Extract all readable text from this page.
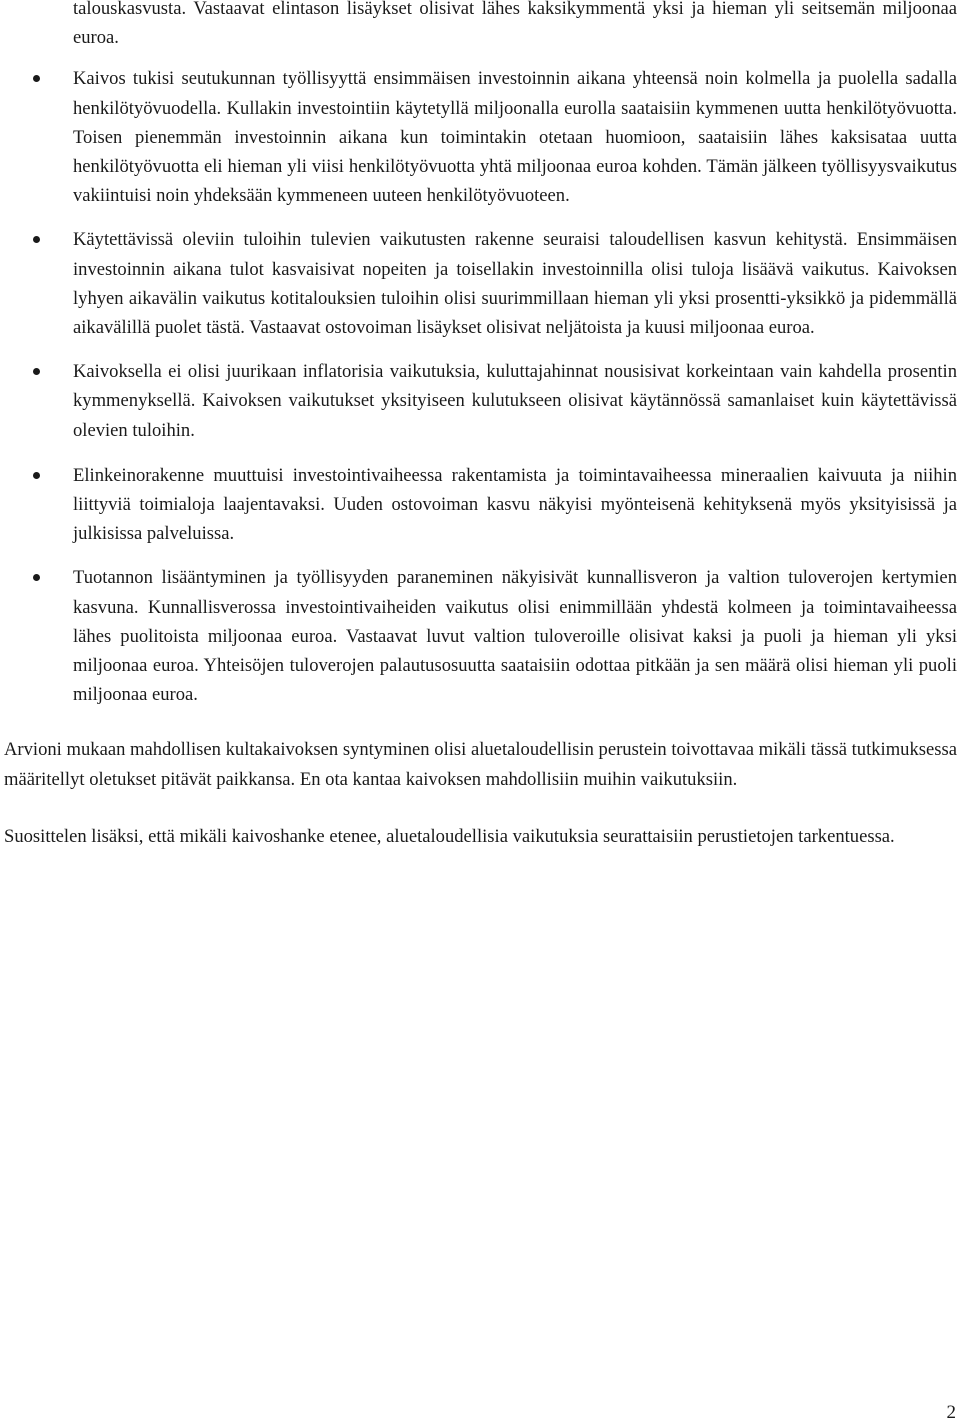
talouskasvusta. Vastaavat elintason lisäykset olisivat lähes kaksikymmentä yksi ja hieman yli seitsemän miljoonaa euroa.

Kaivos tukisi seutukunnan työllisyyttä ensimmäisen investoinnin aikana yhteensä noin kolmella ja puolella sadalla henkilötyövuodella. Kullakin investointiin käytetyllä miljoonalla eurolla saataisiin kymmenen uutta henkilötyövuotta. Toisen pienemmän investoinnin aikana kun toimintakin otetaan huomioon, saataisiin lähes kaksisataa uutta henkilötyövuotta eli hieman yli viisi henkilötyövuotta yhtä miljoonaa euroa kohden. Tämän jälkeen työllisyysvaikutus vakiintuisi noin yhdeksään kymmeneen uuteen henkilötyövuoteen.
Käytettävissä oleviin tuloihin tulevien vaikutusten rakenne seuraisi taloudellisen kasvun kehitystä. Ensimmäisen investoinnin aikana tulot kasvaisivat nopeiten ja toisellakin investoinnilla olisi tuloja lisäävä vaikutus. Kaivoksen lyhyen aikavälin vaikutus kotitalouksien tuloihin olisi suurimmillaan hieman yli yksi prosentti-yksikkö ja pidemmällä aikavälillä puolet tästä. Vastaavat ostovoiman lisäykset olisivat neljätoista ja kuusi miljoonaa euroa.
Kaivoksella ei olisi juurikaan inflatorisia vaikutuksia, kuluttajahinnat nousisivat korkeintaan vain kahdella prosentin kymmenyksellä. Kaivoksen vaikutukset yksityiseen kulutukseen olisivat käytännössä samanlaiset kuin käytettävissä olevien tuloihin.
Elinkeinorakenne muuttuisi investointivaiheessa rakentamista ja toimintavaiheessa mineraalien kaivuuta ja niihin liittyviä toimialoja laajentavaksi. Uuden ostovoiman kasvu näkyisi myönteisenä kehityksenä myös yksityisissä ja julkisissa palveluissa.
Tuotannon lisääntyminen ja työllisyyden paraneminen näkyisivät kunnallisveron ja valtion tuloverojen kertymien kasvuna. Kunnallisverossa investointivaiheiden vaikutus olisi enimmillään yhdestä kolmeen ja toimintavaiheessa lähes puolitoista miljoonaa euroa. Vastaavat luvut valtion tuloveroille olisivat kaksi ja puoli ja hieman yli yksi miljoonaa euroa. Yhteisöjen tuloverojen palautusosuutta saataisiin odottaa pitkään ja sen määrä olisi hieman yli puoli miljoonaa euroa.

Arvioni mukaan mahdollisen kultakaivoksen syntyminen olisi aluetaloudellisin perustein toivottavaa mikäli tässä tutkimuksessa määritellyt oletukset pitävät paikkansa. En ota kantaa kaivoksen mahdollisiin muihin vaikutuksiin.

Suosittelen lisäksi, että mikäli kaivoshanke etenee, aluetaloudellisia vaikutuksia seurattaisiin perustietojen tarkentuessa.

2
